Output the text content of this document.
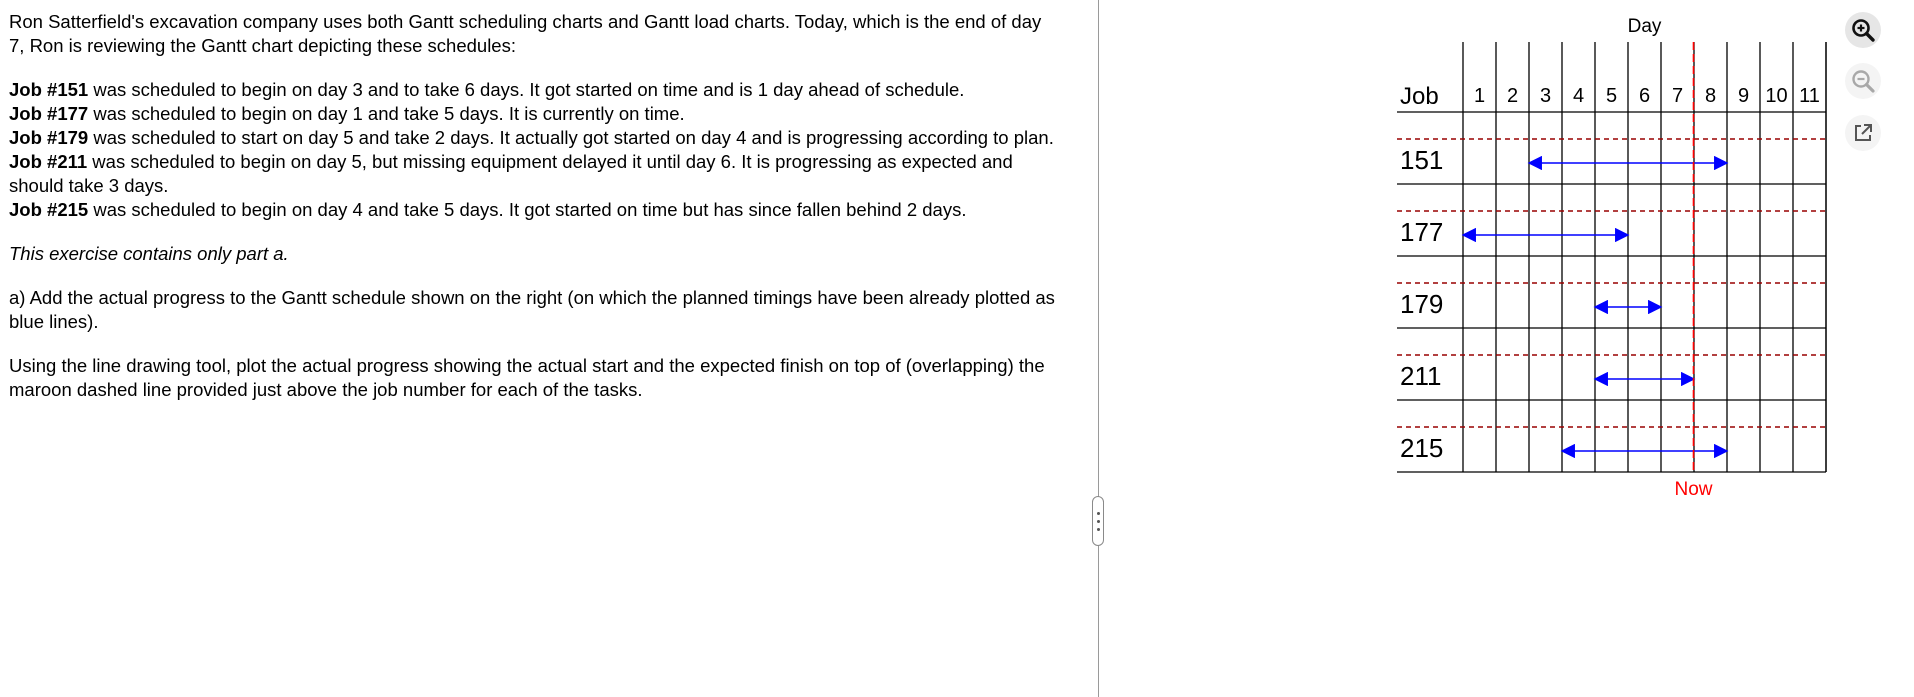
Ron Satterfield's excavation company uses both Gantt scheduling charts and Gantt load charts. Today, which is the end of day 7, Ron is reviewing the Gantt chart depicting these schedules:

Job #151 was scheduled to begin on day 3 and to take 6 days. It got started on time and is 1 day ahead of schedule.
Job #177 was scheduled to begin on day 1 and take 5 days. It is currently on time.
Job #179 was scheduled to start on day 5 and take 2 days. It actually got started on day 4 and is progressing according to plan.
Job #211 was scheduled to begin on day 5, but missing equipment delayed it until day 6. It is progressing as expected and should take 3 days.
Job #215 was scheduled to begin on day 4 and take 5 days. It got started on time but has since fallen behind 2 days.

This exercise contains only part a.

a) Add the actual progress to the Gantt schedule shown on the right (on which the planned timings have been already plotted as blue lines).

Using the line drawing tool, plot the actual progress showing the actual start and the expected finish on top of (overlapping) the maroon dashed line provided just above the job number for each of the tasks.

Day
Job 1 2 3 4 5 6 7 8 9 10 11
151
177
179
211
215
Now
